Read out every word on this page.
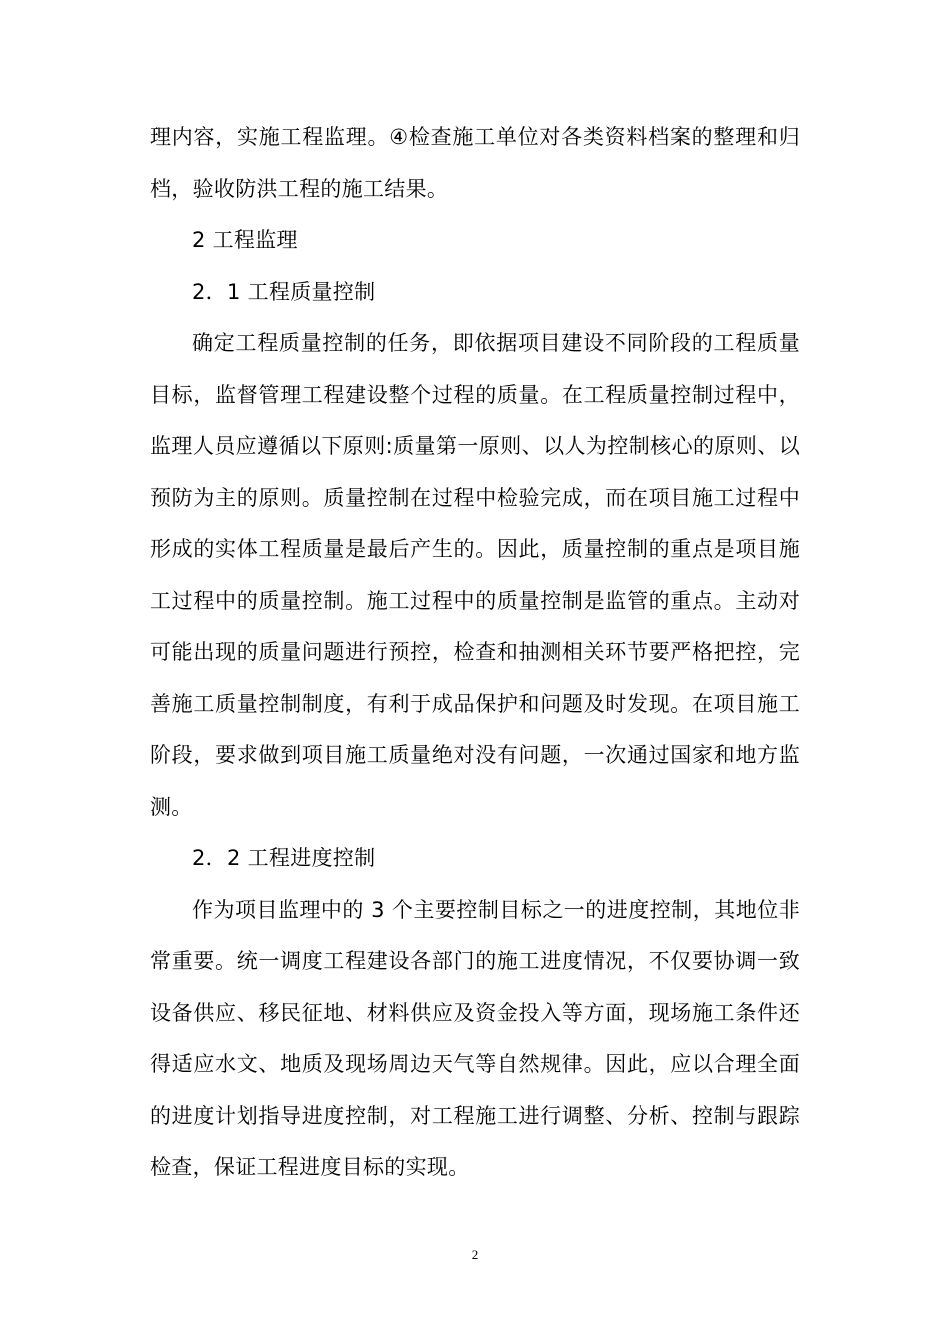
理内容，实施工程监理。④检查施工单位对各类资料档案的整理和归档，验收防洪工程的施工结果。

2 工程监理

2．1 工程质量控制

确定工程质量控制的任务，即依据项目建设不同阶段的工程质量目标，监督管理工程建设整个过程的质量。在工程质量控制过程中，监理人员应遵循以下原则:质量第一原则、以人为控制核心的原则、以预防为主的原则。质量控制在过程中检验完成，而在项目施工过程中形成的实体工程质量是最后产生的。因此，质量控制的重点是项目施工过程中的质量控制。施工过程中的质量控制是监管的重点。主动对可能出现的质量问题进行预控，检查和抽测相关环节要严格把控，完善施工质量控制制度，有利于成品保护和问题及时发现。在项目施工阶段，要求做到项目施工质量绝对没有问题，一次通过国家和地方监测。

2．2 工程进度控制

作为项目监理中的 3 个主要控制目标之一的进度控制，其地位非常重要。统一调度工程建设各部门的施工进度情况，不仅要协调一致设备供应、移民征地、材料供应及资金投入等方面，现场施工条件还得适应水文、地质及现场周边天气等自然规律。因此，应以合理全面的进度计划指导进度控制，对工程施工进行调整、分析、控制与跟踪检查，保证工程进度目标的实现。

2
